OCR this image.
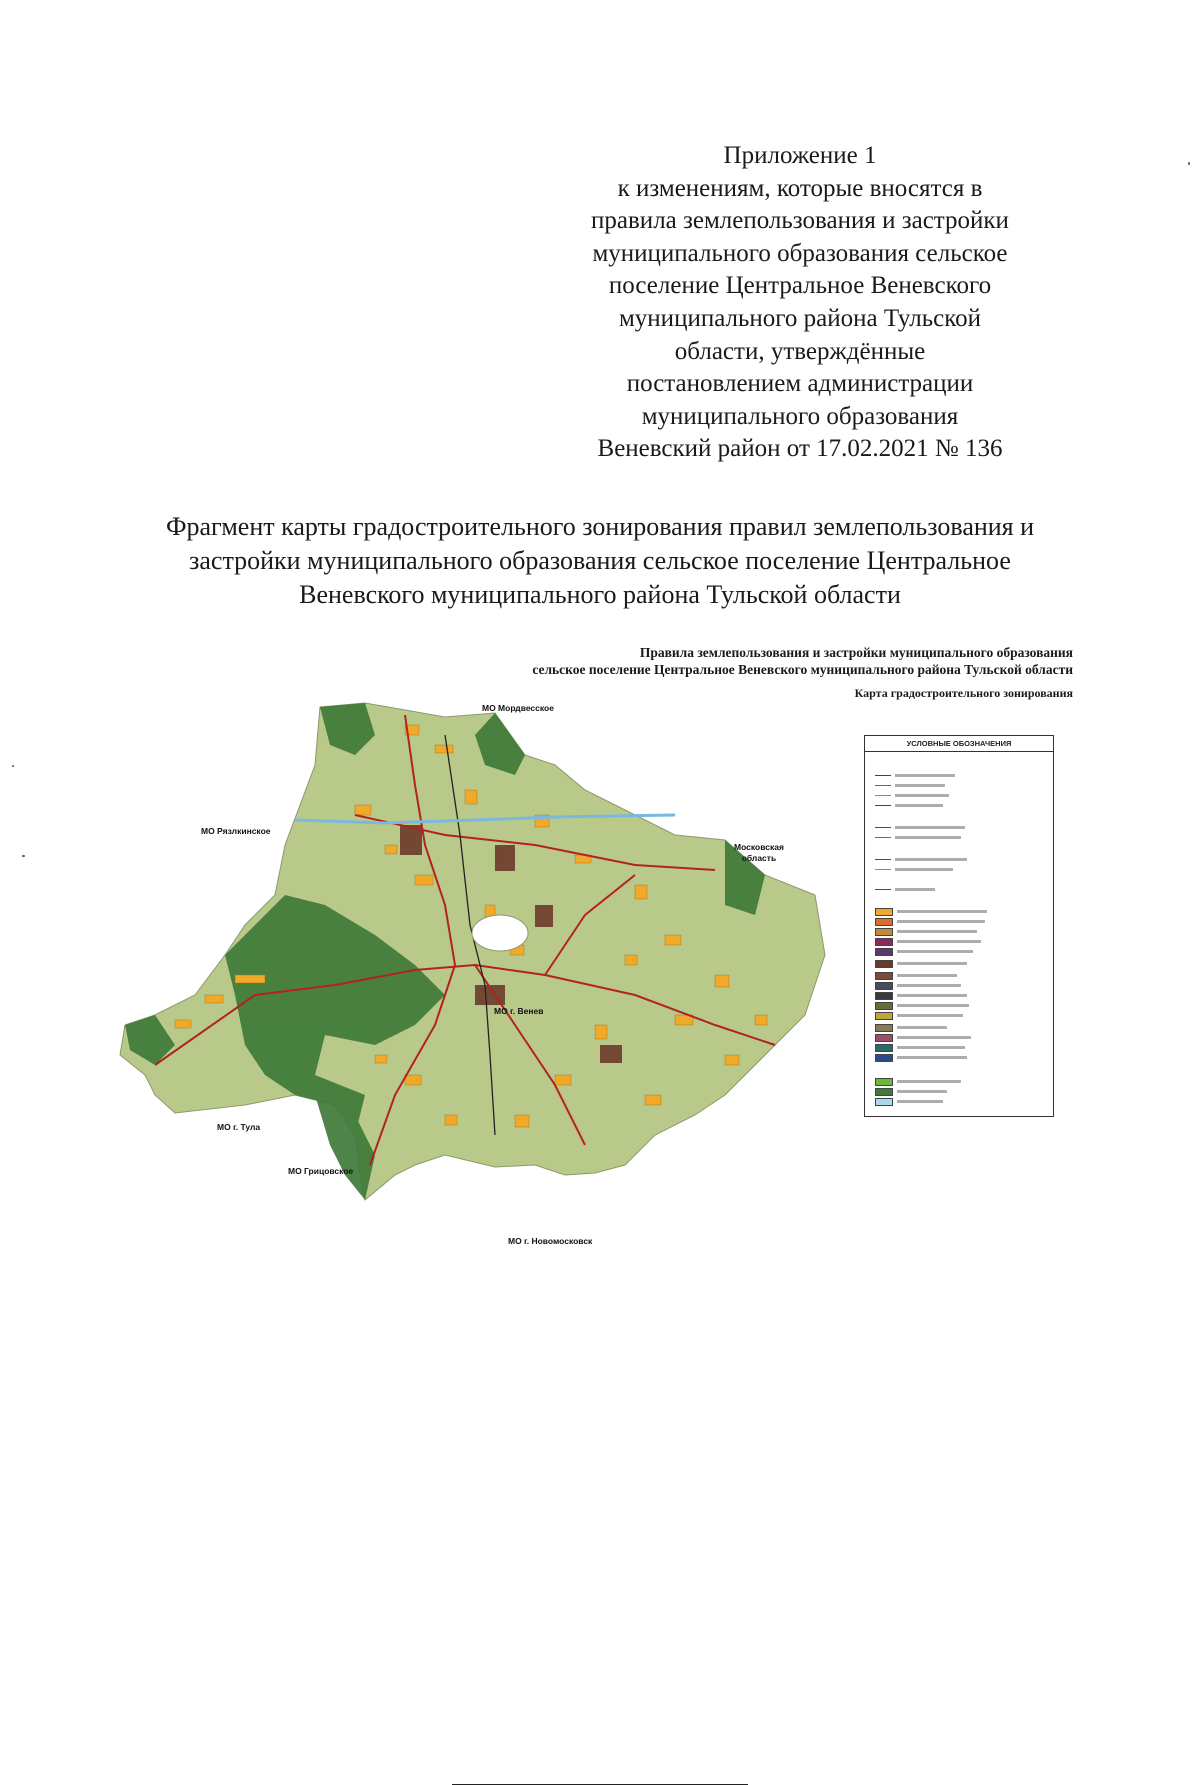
Приложение 1
к изменениям, которые вносятся в
правила землепользования и застройки
муниципального образования сельское
поселение Центральное Веневского
муниципального района Тульской
области, утверждённые
постановлением администрации
муниципального образования
Веневский район от 17.02.2021 № 136
Фрагмент карты градостроительного зонирования правил землепользования и
застройки муниципального образования сельское поселение Центральное
Веневского муниципального района Тульской области
Правила землепользования и застройки муниципального образования
сельское поселение Центральное Веневского муниципального района Тульской области
Карта градостроительного зонирования
МО Мордвесское
МО Рязлкинское
Московская
область
МО г. Венев
МО г. Тула
МО Грицовское
МО г. Новомосковск
УСЛОВНЫЕ ОБОЗНАЧЕНИЯ
